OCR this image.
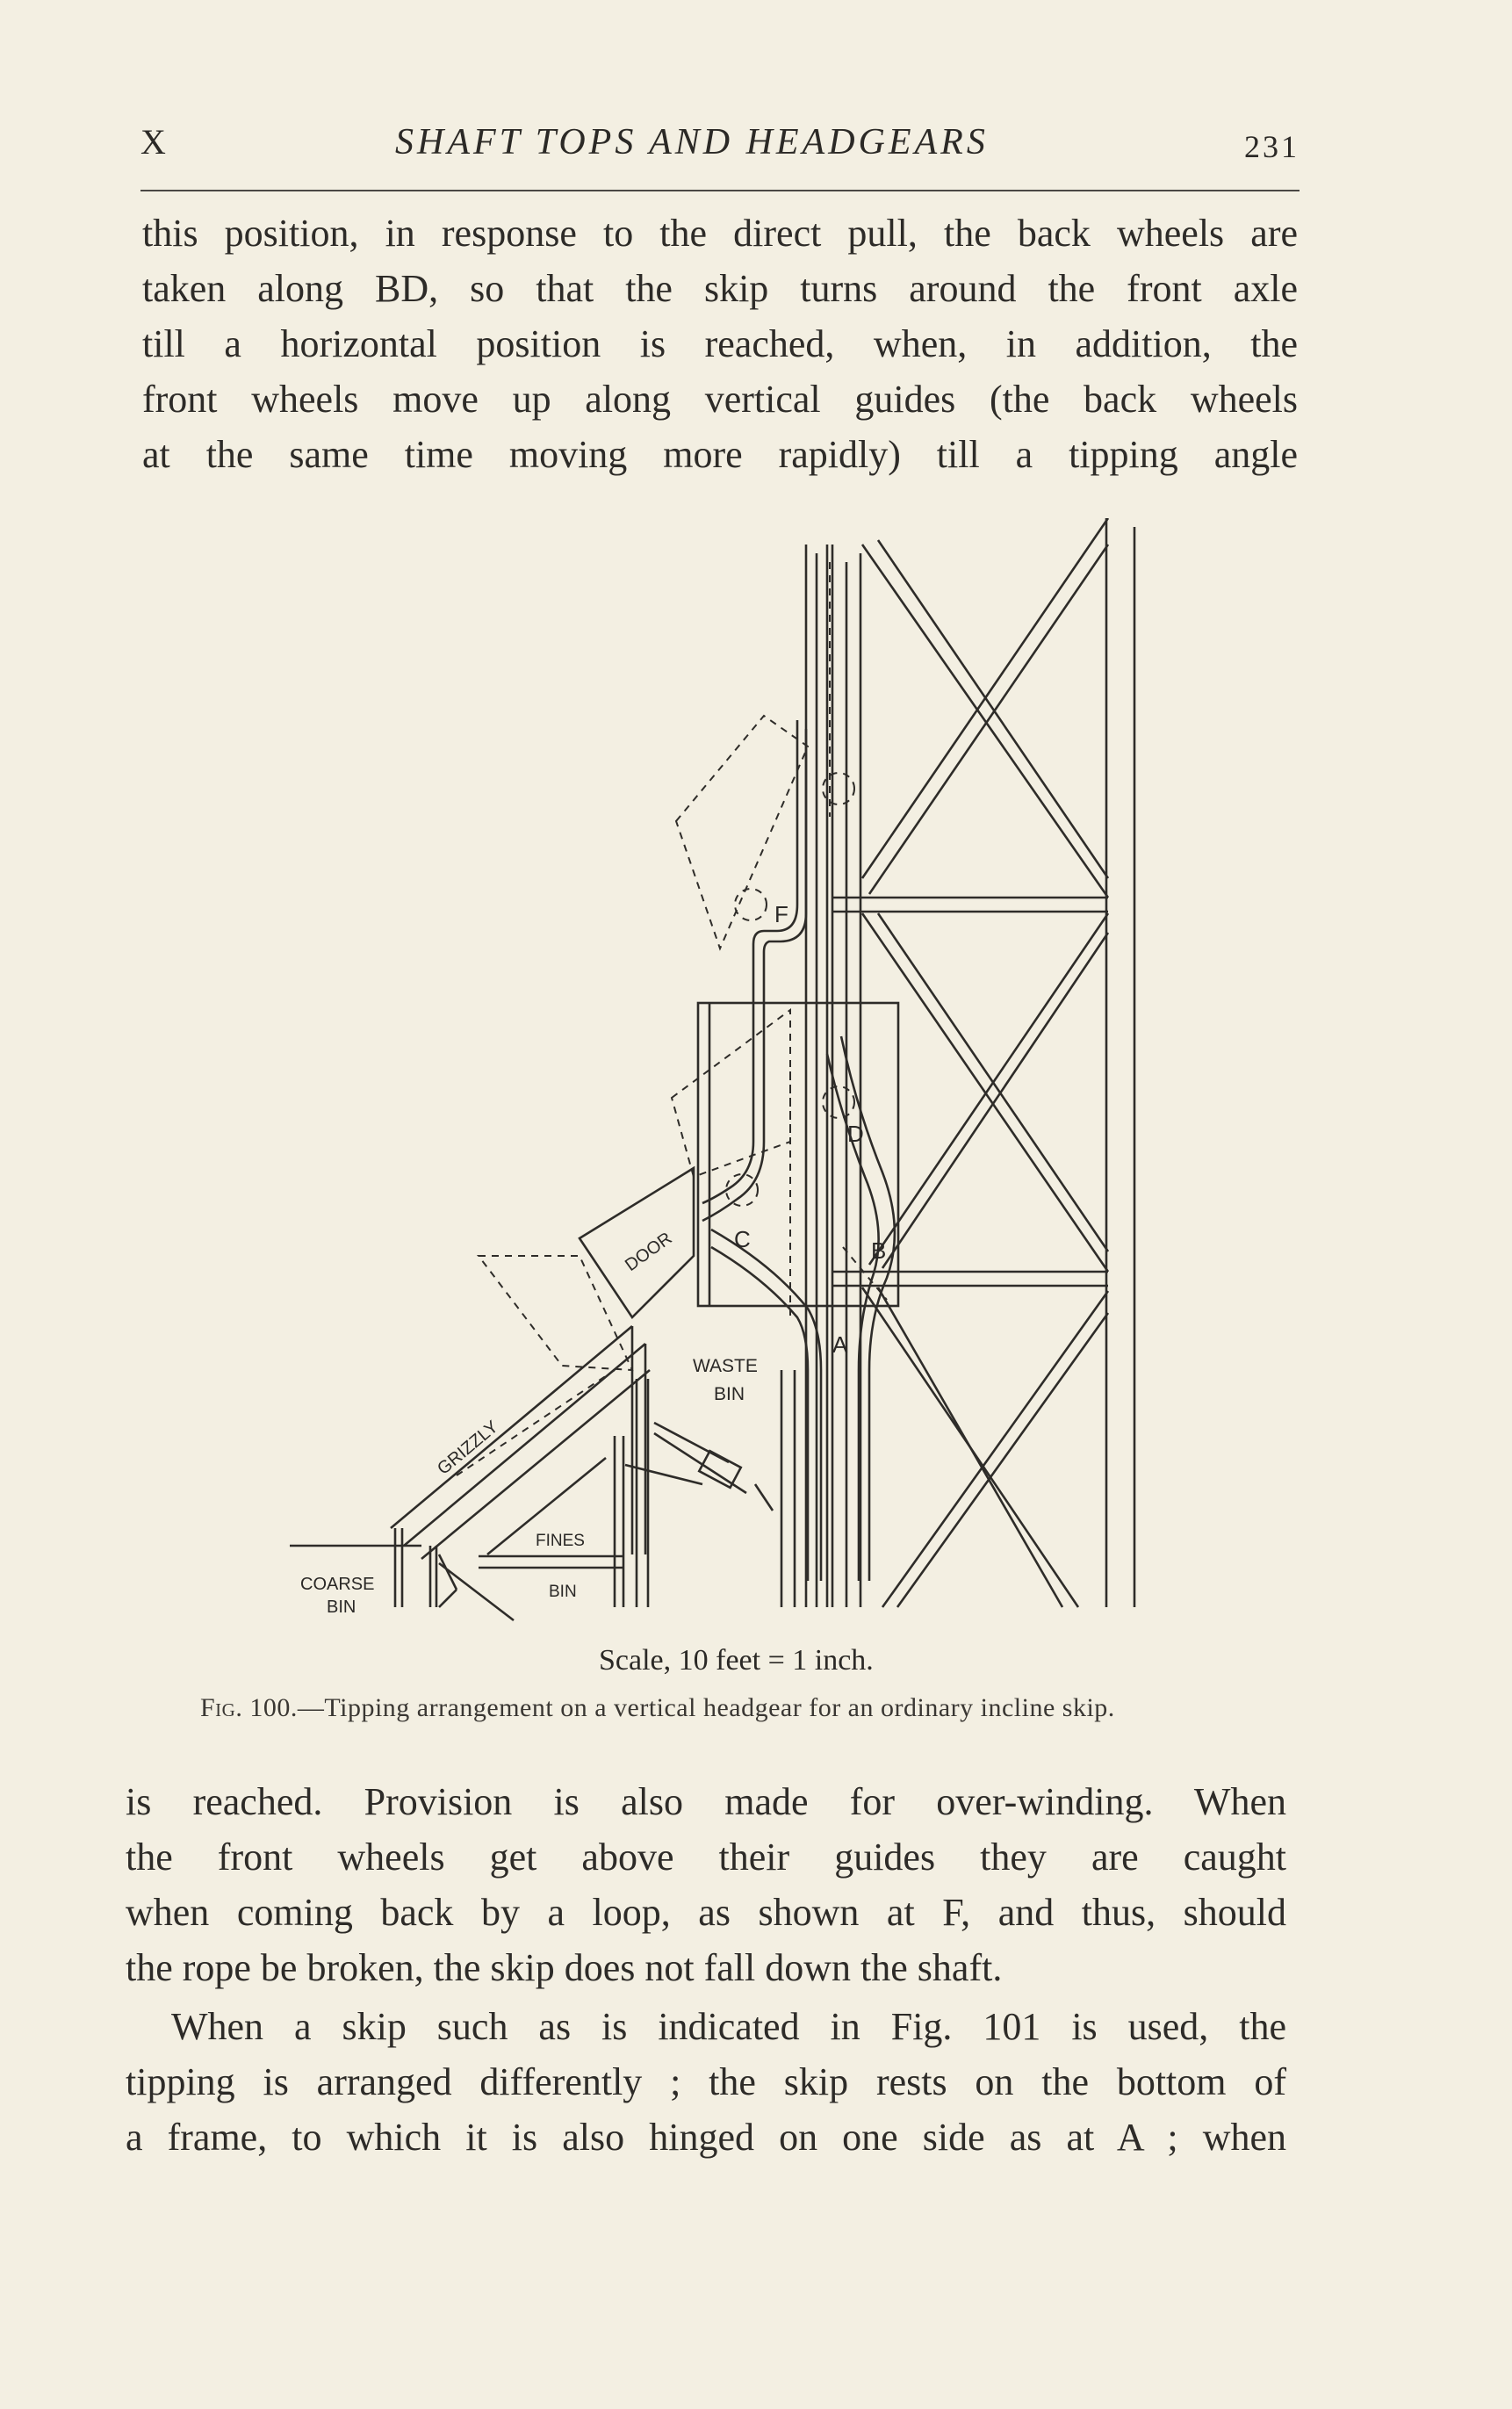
X	SHAFT TOPS AND HEADGEARS	231
this position, in response to the direct pull, the back wheels are
taken along BD, so that the skip turns around the front axle
till a horizontal position is reached, when, in addition, the
front wheels move up along vertical guides (the back wheels
at the same time moving more rapidly) till a tipping angle
F
D
C	B
A
DOOR
WASTE
BIN
GRIZZLY
FINES
BIN
COARSE
BIN
Scale, 10 feet = 1 inch.
Fig. 100.—Tipping arrangement on a vertical headgear for an ordinary incline skip.
is reached. Provision is also made for over-winding. When
the front wheels get above their guides they are caught
when coming back by a loop, as shown at F, and thus, should
the rope be broken, the skip does not fall down the shaft.
When a skip such as is indicated in Fig. 101 is used, the
tipping is arranged differently ; the skip rests on the bottom of
a frame, to which it is also hinged on one side as at A ; when
